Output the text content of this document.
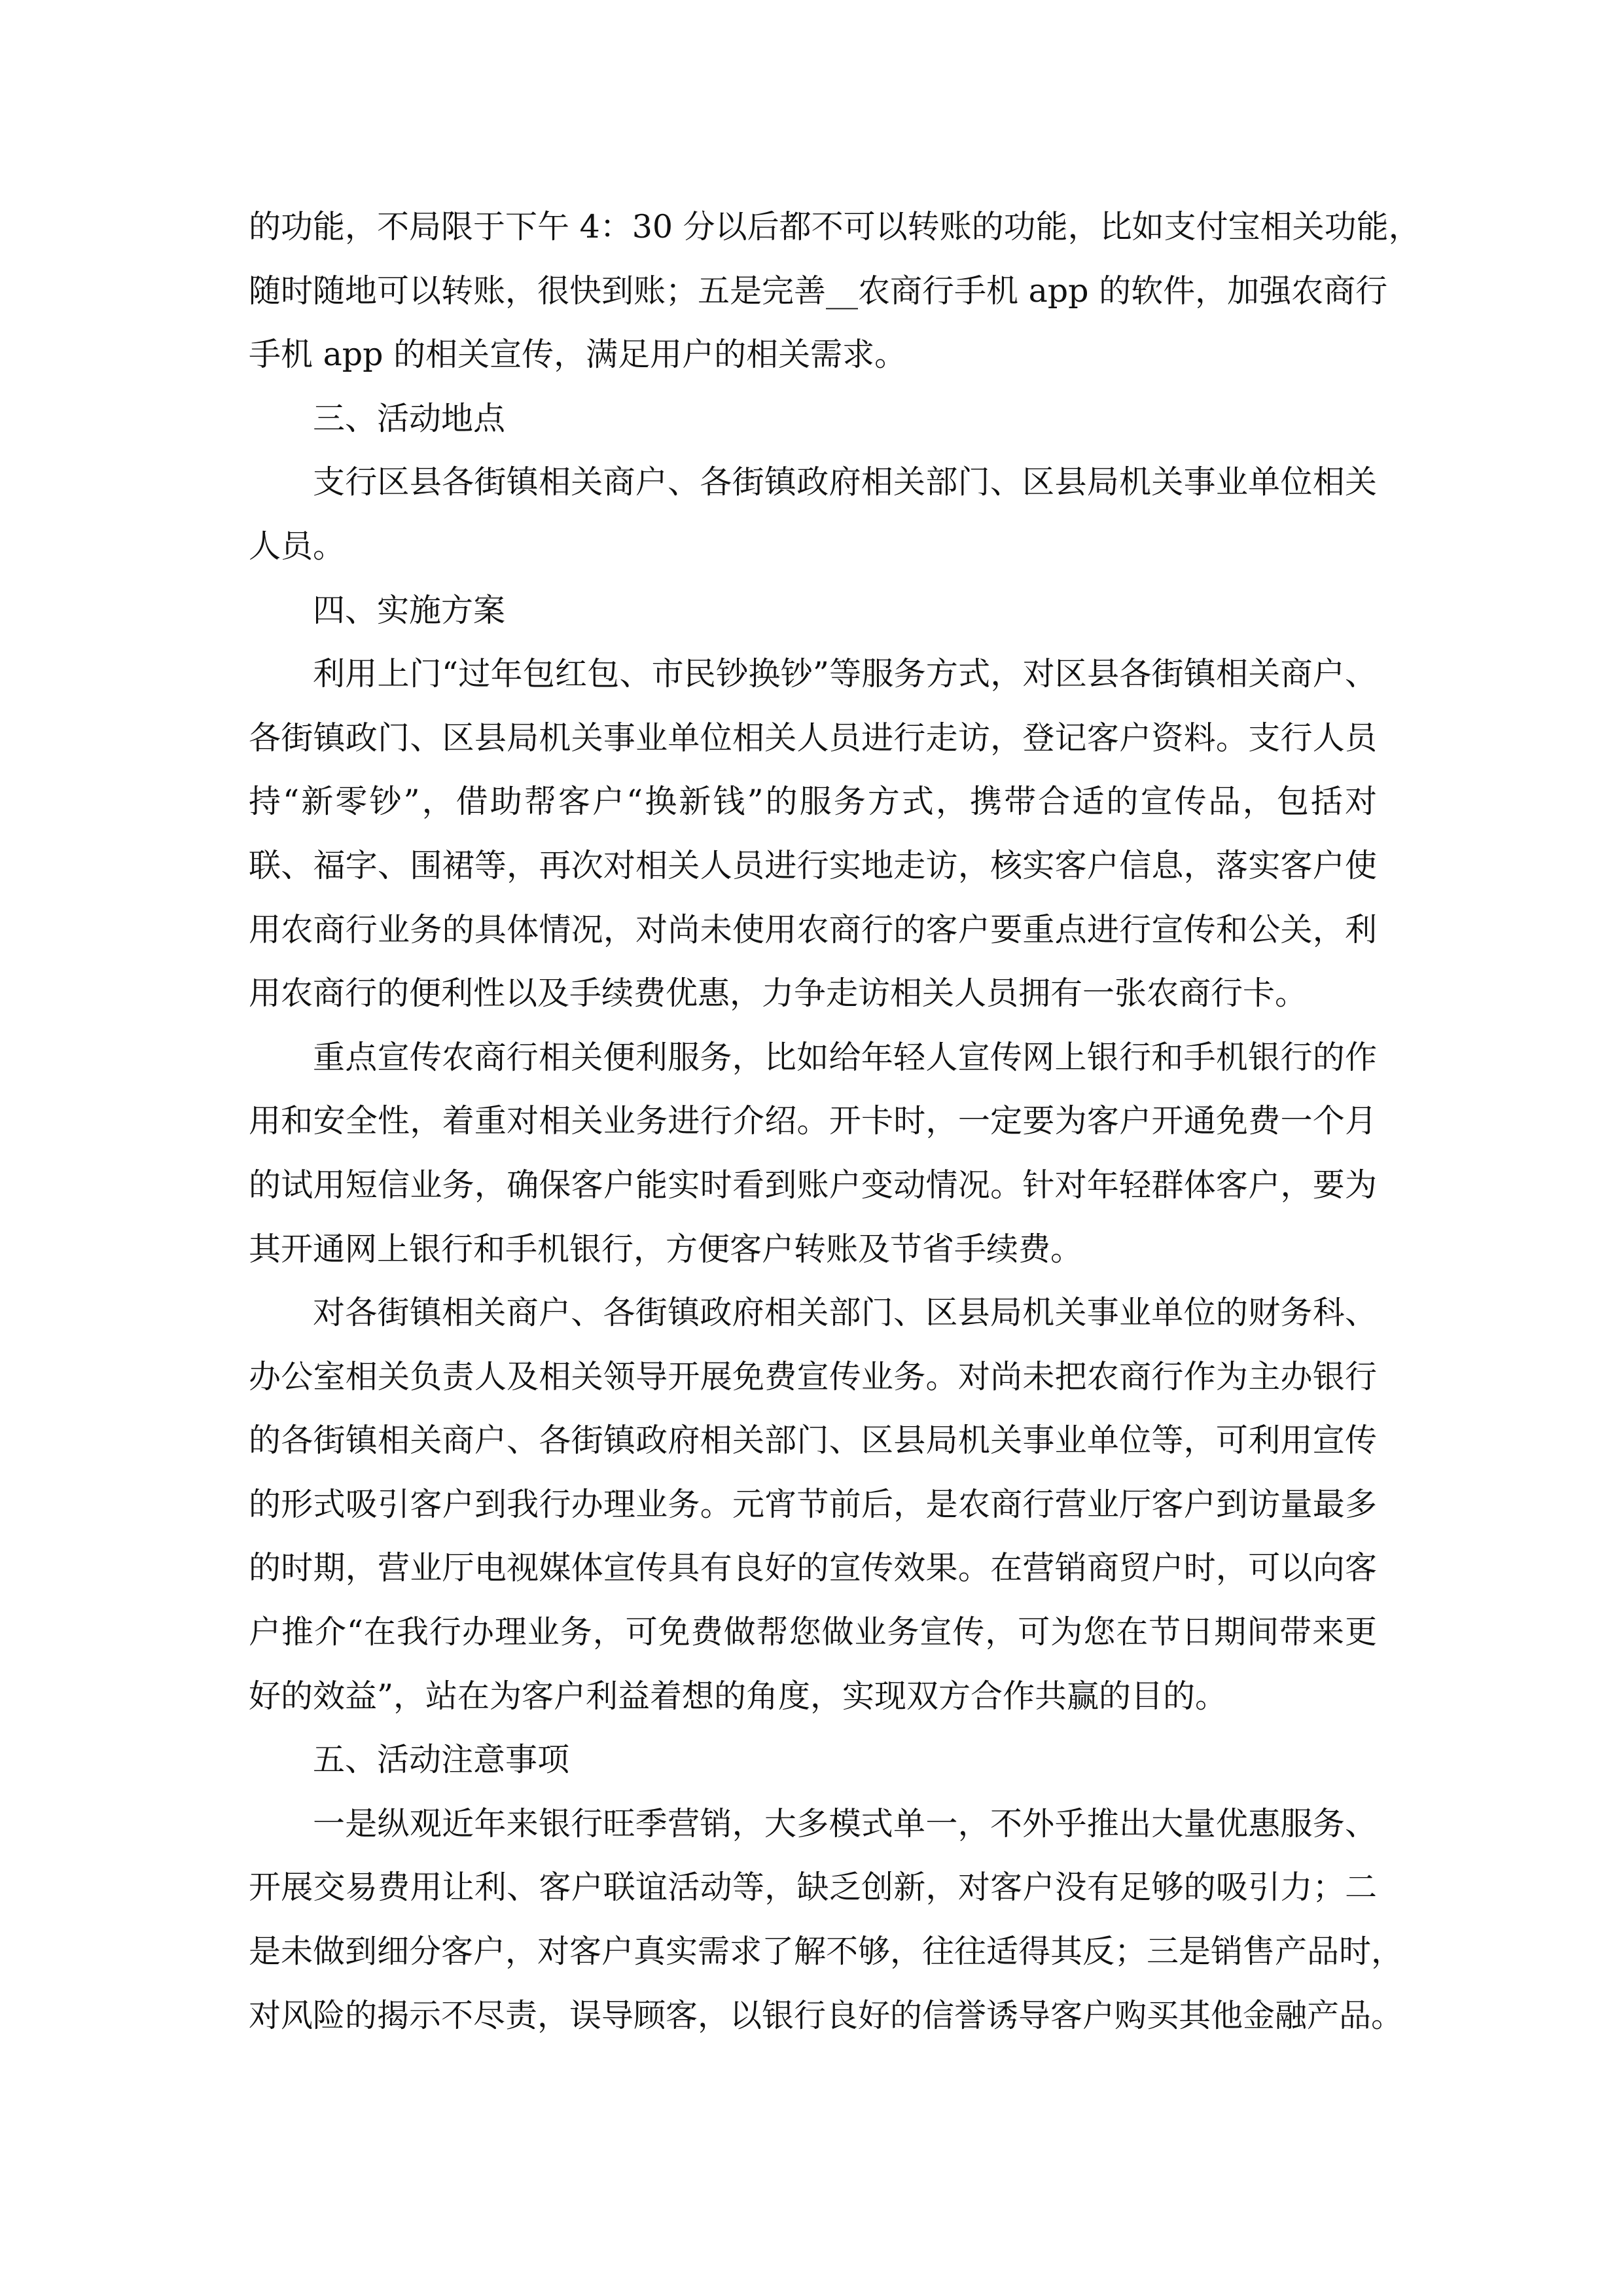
的功能，不局限于下午 4：30 分以后都不可以转账的功能，比如支付宝相关功能，
随时随地可以转账，很快到账；五是完善__农商行手机 app 的软件，加强农商行
手机 app 的相关宣传，满足用户的相关需求。
三、活动地点
支行区县各街镇相关商户、各街镇政府相关部门、区县局机关事业单位相关
人员。
四、实施方案
利用上门“过年包红包、市民钞换钞”等服务方式，对区县各街镇相关商户、
各街镇政门、区县局机关事业单位相关人员进行走访，登记客户资料。支行人员
持“新零钞”，借助帮客户“换新钱”的服务方式，携带合适的宣传品，包括对
联、福字、围裙等，再次对相关人员进行实地走访，核实客户信息，落实客户使
用农商行业务的具体情况，对尚未使用农商行的客户要重点进行宣传和公关，利
用农商行的便利性以及手续费优惠，力争走访相关人员拥有一张农商行卡。
重点宣传农商行相关便利服务，比如给年轻人宣传网上银行和手机银行的作
用和安全性，着重对相关业务进行介绍。开卡时，一定要为客户开通免费一个月
的试用短信业务，确保客户能实时看到账户变动情况。针对年轻群体客户，要为
其开通网上银行和手机银行，方便客户转账及节省手续费。
对各街镇相关商户、各街镇政府相关部门、区县局机关事业单位的财务科、
办公室相关负责人及相关领导开展免费宣传业务。对尚未把农商行作为主办银行
的各街镇相关商户、各街镇政府相关部门、区县局机关事业单位等，可利用宣传
的形式吸引客户到我行办理业务。元宵节前后，是农商行营业厅客户到访量最多
的时期，营业厅电视媒体宣传具有良好的宣传效果。在营销商贸户时，可以向客
户推介“在我行办理业务，可免费做帮您做业务宣传，可为您在节日期间带来更
好的效益”，站在为客户利益着想的角度，实现双方合作共赢的目的。
五、活动注意事项
一是纵观近年来银行旺季营销，大多模式单一，不外乎推出大量优惠服务、
开展交易费用让利、客户联谊活动等，缺乏创新，对客户没有足够的吸引力；二
是未做到细分客户，对客户真实需求了解不够，往往适得其反；三是销售产品时，
对风险的揭示不尽责，误导顾客，以银行良好的信誉诱导客户购买其他金融产品。
